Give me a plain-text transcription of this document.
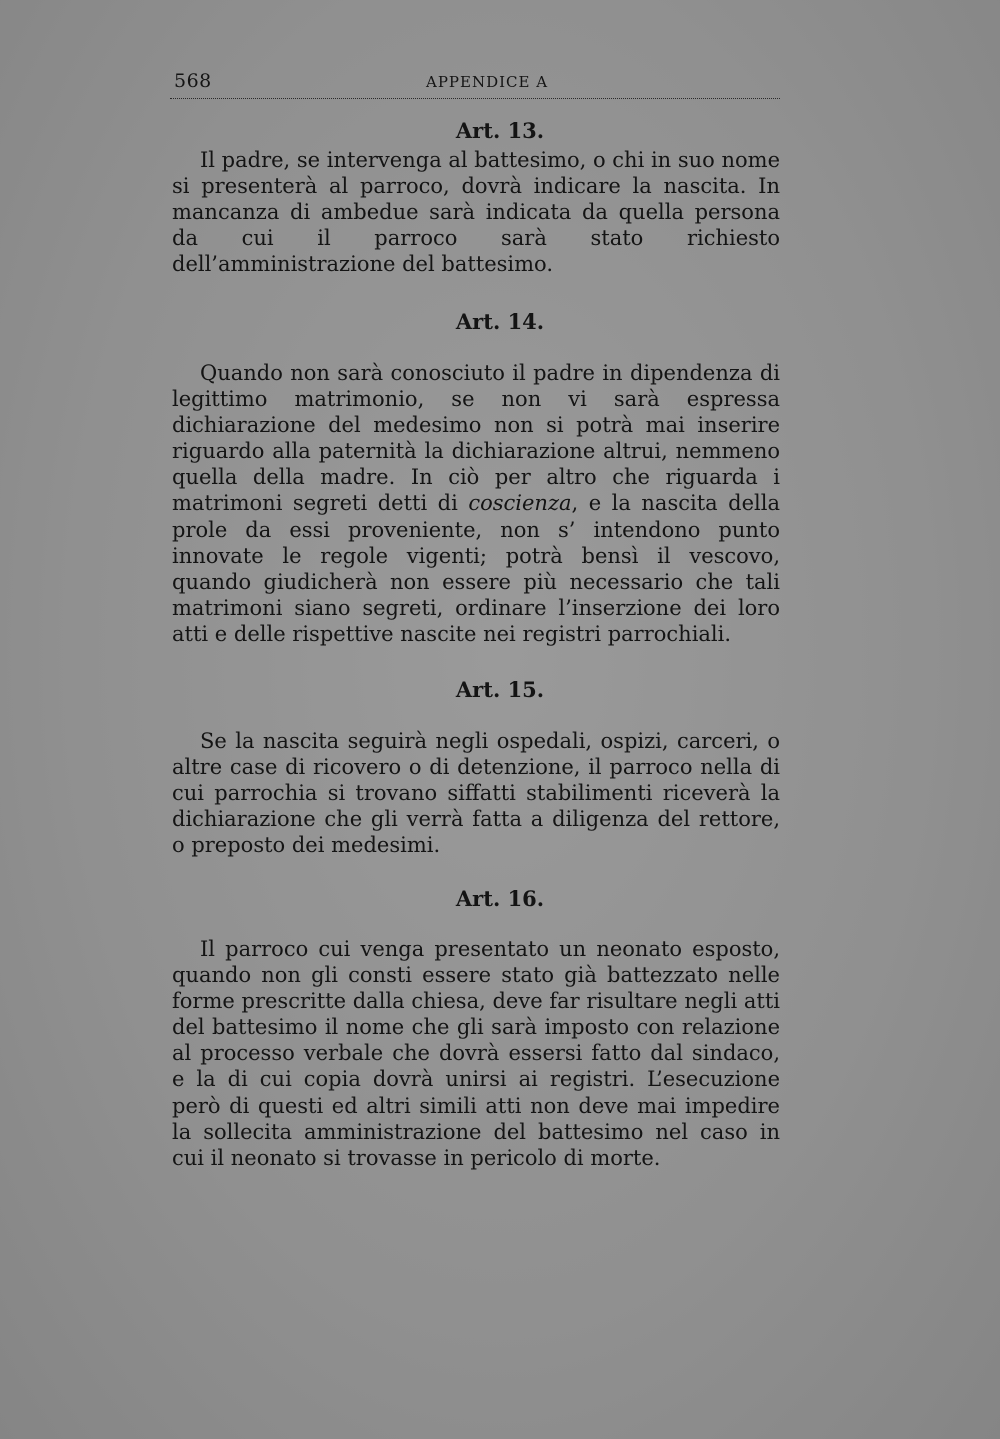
568	APPENDICE A
Art. 13.

Il padre, se intervenga al battesimo, o chi in suo nome si presenterà al parroco, dovrà indicare la nascita. In mancanza di ambedue sarà indicata da quella persona da cui il parroco sarà stato richiesto dell’amministrazione del battesimo.

Art. 14.

Quando non sarà conosciuto il padre in dipendenza di legittimo matrimonio, se non vi sarà espressa dichiarazione del medesimo non si potrà mai inserire riguardo alla paternità la dichiarazione altrui, nemmeno quella della madre. In ciò per altro che riguarda i matrimoni segreti detti di coscienza, e la nascita della prole da essi proveniente, non s’ intendono punto innovate le regole vigenti; potrà bensì il vescovo, quando giudicherà non essere più necessario che tali matrimoni siano segreti, ordinare l’inserzione dei loro atti e delle rispettive nascite nei registri parrochiali.

Art. 15.

Se la nascita seguirà negli ospedali, ospizi, carceri, o altre case di ricovero o di detenzione, il parroco nella di cui parrochia si trovano siffatti stabilimenti riceverà la dichiarazione che gli verrà fatta a diligenza del rettore, o preposto dei medesimi.

Art. 16.

Il parroco cui venga presentato un neonato esposto, quando non gli consti essere stato già battezzato nelle forme prescritte dalla chiesa, deve far risultare negli atti del battesimo il nome che gli sarà imposto con relazione al processo verbale che dovrà essersi fatto dal sindaco, e la di cui copia dovrà unirsi ai registri. L’esecuzione però di questi ed altri simili atti non deve mai impedire la sollecita amministrazione del battesimo nel caso in cui il neonato si trovasse in pericolo di morte.
